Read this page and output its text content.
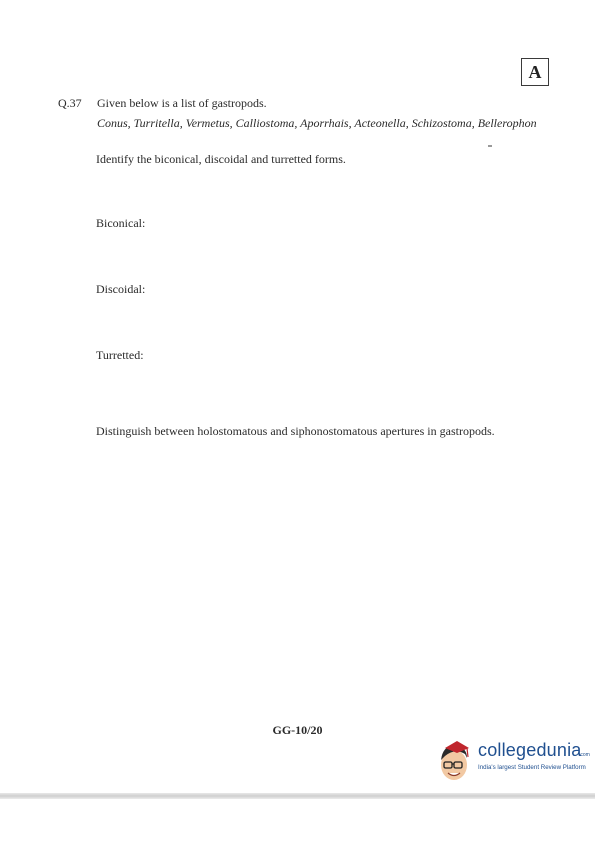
A
Q.37 Given below is a list of gastropods.
Conus, Turritella, Vermetus, Calliostoma, Aporrhais, Acteonella, Schizostoma, Bellerophon
Identify the biconical, discoidal and turretted forms.
Biconical:
Discoidal:
Turretted:
Distinguish between holostomatous and siphonostomatous apertures in gastropods.
GG-10/20
collegedunia
.com
India's largest Student Review Platform
